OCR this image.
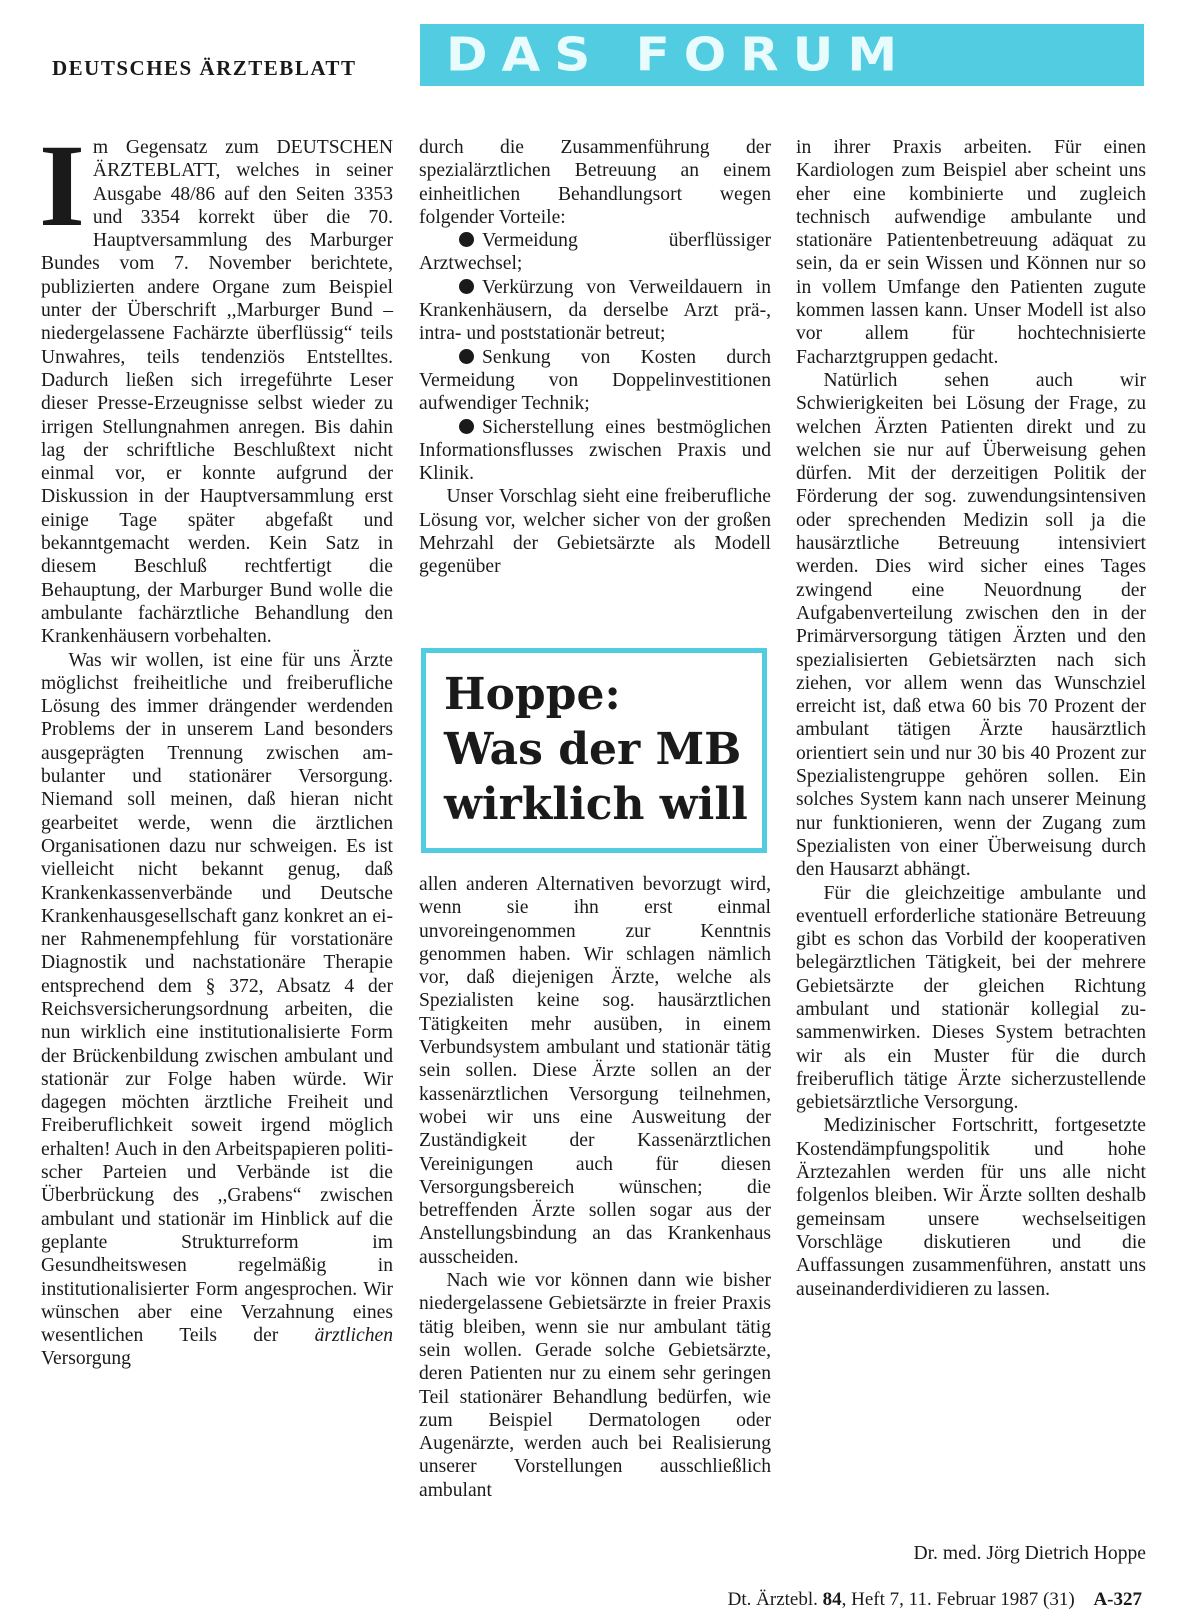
DEUTSCHES ÄRZTEBLATT DAS FORUM

Im Gegensatz zum DEUTSCHEN ÄRZTEBLATT, welches in seiner Ausgabe 48/86 auf den Seiten 3353 und 3354 korrekt über die 70. Hauptversammlung des Marburger Bundes vom 7. November berichtete, publizierten andere Organe zum Beispiel unter der Überschrift ,,Marburger Bund – niedergelassene Fachärzte überflüssig“ teils Unwahres, teils tendenziös Entstelltes. Dadurch ließen sich irregeführte Leser dieser Presse-Erzeugnisse selbst wieder zu irrigen Stellungnahmen anregen. Bis dahin lag der schriftliche Beschlußtext nicht einmal vor, er konnte aufgrund der Diskussion in der Hauptversammlung erst einige Tage später abgefaßt und bekanntgemacht werden. Kein Satz in diesem Beschluß rechtfertigt die Behauptung, der Marburger Bund wolle die ambulante fachärztliche Behandlung den Krankenhäusern vorbehalten.

Was wir wollen, ist eine für uns Ärzte möglichst freiheitliche und freiberufliche Lösung des immer drängender werdenden Problems der in unserem Land besonders ausgeprägten Trennung zwischen ambulanter und stationärer Versorgung. Niemand soll meinen, daß hieran nicht gearbeitet werde, wenn die ärztlichen Organisationen dazu nur schweigen. Es ist vielleicht nicht bekannt genug, daß Krankenkassenverbände und Deutsche Krankenhausgesellschaft ganz konkret an einer Rahmenempfehlung für vorstationäre Diagnostik und nachstationäre Therapie entsprechend dem § 372, Absatz 4 der Reichsversicherungsordnung arbeiten, die nun wirklich eine institutionalisierte Form der Brückenbildung zwischen ambulant und stationär zur Folge haben würde. Wir dagegen möchten ärztliche Freiheit und Freiberuflichkeit soweit irgend möglich erhalten! Auch in den Arbeitspapieren politischer Parteien und Verbände ist die Überbrückung des ,,Grabens“ zwischen ambulant und stationär im Hinblick auf die geplante Strukturreform im Gesundheitswesen regelmäßig in institutionalisierter Form angesprochen. Wir wünschen aber eine Verzahnung eines wesentlichen Teils der ärztlichen Versorgung

durch die Zusammenführung der spezialärztlichen Betreuung an einem einheitlichen Behandlungsort wegen folgender Vorteile:

Vermeidung überflüssiger Arztwechsel;

Verkürzung von Verweildauern in Krankenhäusern, da derselbe Arzt prä-, intra- und poststationär betreut;

Senkung von Kosten durch Vermeidung von Doppelinvestitionen aufwendiger Technik;

Sicherstellung eines bestmöglichen Informationsflusses zwischen Praxis und Klinik.

Unser Vorschlag sieht eine freiberufliche Lösung vor, welcher sicher von der großen Mehrzahl der Gebietsärzte als Modell gegenüber

Hoppe:
Was der MB
wirklich will

allen anderen Alternativen bevorzugt wird, wenn sie ihn erst einmal unvoreingenommen zur Kenntnis genommen haben. Wir schlagen nämlich vor, daß diejenigen Ärzte, welche als Spezialisten keine sog. hausärztlichen Tätigkeiten mehr ausüben, in einem Verbundsystem ambulant und stationär tätig sein sollen. Diese Ärzte sollen an der kassenärztlichen Versorgung teilnehmen, wobei wir uns eine Ausweitung der Zuständigkeit der Kassenärztlichen Vereinigungen auch für diesen Versorgungsbereich wünschen; die betreffenden Ärzte sollen sogar aus der Anstellungsbindung an das Krankenhaus ausscheiden.

Nach wie vor können dann wie bisher niedergelassene Gebietsärzte in freier Praxis tätig bleiben, wenn sie nur ambulant tätig sein wollen. Gerade solche Gebietsärzte, deren Patienten nur zu einem sehr geringen Teil stationärer Behandlung bedürfen, wie zum Beispiel Dermatologen oder Augenärzte, werden auch bei Realisierung unserer Vorstellungen ausschließlich ambulant

in ihrer Praxis arbeiten. Für einen Kardiologen zum Beispiel aber scheint uns eher eine kombinierte und zugleich technisch aufwendige ambulante und stationäre Patientenbetreuung adäquat zu sein, da er sein Wissen und Können nur so in vollem Umfange den Patienten zugute kommen lassen kann. Unser Modell ist also vor allem für hochtechnisierte Facharztgruppen gedacht.

Natürlich sehen auch wir Schwierigkeiten bei Lösung der Frage, zu welchen Ärzten Patienten direkt und zu welchen sie nur auf Überweisung gehen dürfen. Mit der derzeitigen Politik der Förderung der sog. zuwendungsintensiven oder sprechenden Medizin soll ja die hausärztliche Betreuung intensiviert werden. Dies wird sicher eines Tages zwingend eine Neuordnung der Aufgabenverteilung zwischen den in der Primärversorgung tätigen Ärzten und den spezialisierten Gebietsärzten nach sich ziehen, vor allem wenn das Wunschziel erreicht ist, daß etwa 60 bis 70 Prozent der ambulant tätigen Ärzte hausärztlich orientiert sein und nur 30 bis 40 Prozent zur Spezialistengruppe gehören sollen. Ein solches System kann nach unserer Meinung nur funktionieren, wenn der Zugang zum Spezialisten von einer Überweisung durch den Hausarzt abhängt.

Für die gleichzeitige ambulante und eventuell erforderliche stationäre Betreuung gibt es schon das Vorbild der kooperativen belegärztlichen Tätigkeit, bei der mehrere Gebietsärzte der gleichen Richtung ambulant und stationär kollegial zusammenwirken. Dieses System betrachten wir als ein Muster für die durch freiberuflich tätige Ärzte sicherzustellende gebietsärztliche Versorgung.

Medizinischer Fortschritt, fortgesetzte Kostendämpfungspolitik und hohe Ärztezahlen werden für uns alle nicht folgenlos bleiben. Wir Ärzte sollten deshalb gemeinsam unsere wechselseitigen Vorschläge diskutieren und die Auffassungen zusammenführen, anstatt uns auseinanderdividieren zu lassen.

Dr. med. Jörg Dietrich Hoppe
Dt. Ärztebl. 84, Heft 7, 11. Februar 1987 (31) A-327
